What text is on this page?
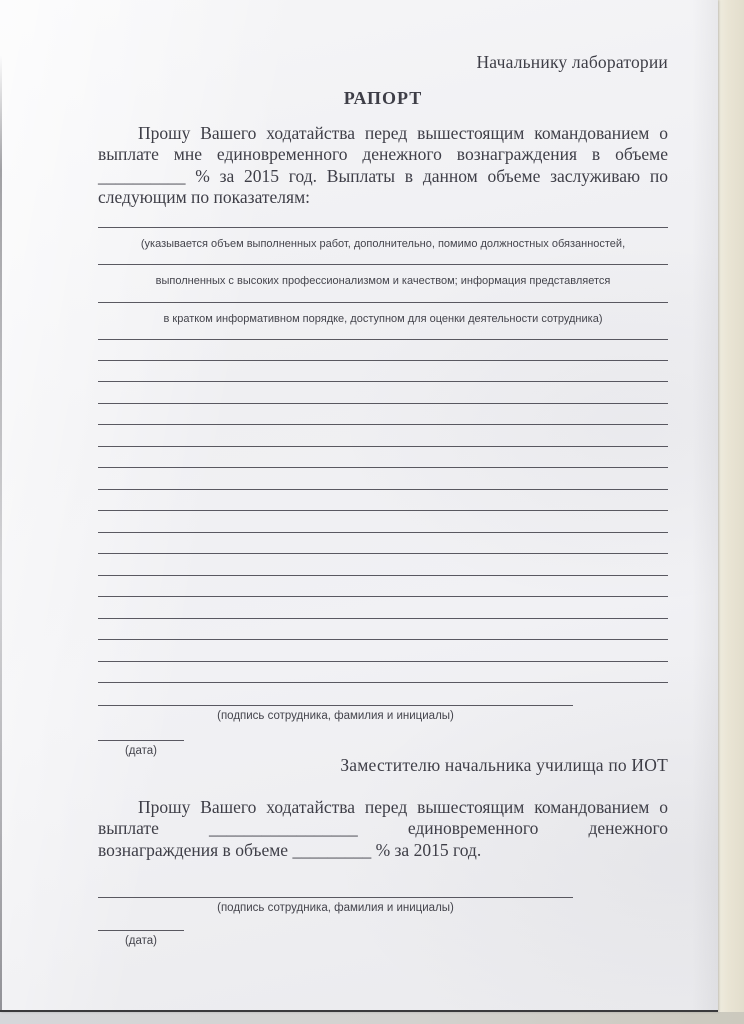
Начальнику лаборатории
РАПОРТ
Прошу Вашего ходатайства перед вышестоящим командованием о
выплате мне единовременного денежного вознаграждения в объеме
__________ % за 2015 год. Выплаты в данном объеме заслуживаю по
следующим по показателям:
(указывается объем выполненных работ, дополнительно, помимо должностных обязанностей,
выполненных с высоких профессионализмом и качеством; информация представляется
в кратком информативном порядке, доступном для оценки деятельности сотрудника)
(подпись сотрудника, фамилия и инициалы)
(дата)
Заместителю начальника училища по ИОТ
Прошу Вашего ходатайства перед вышестоящим командованием о
выплате _________________ единовременного денежного
вознаграждения в объеме _________ % за 2015 год.
(подпись сотрудника, фамилия и инициалы)
(дата)
